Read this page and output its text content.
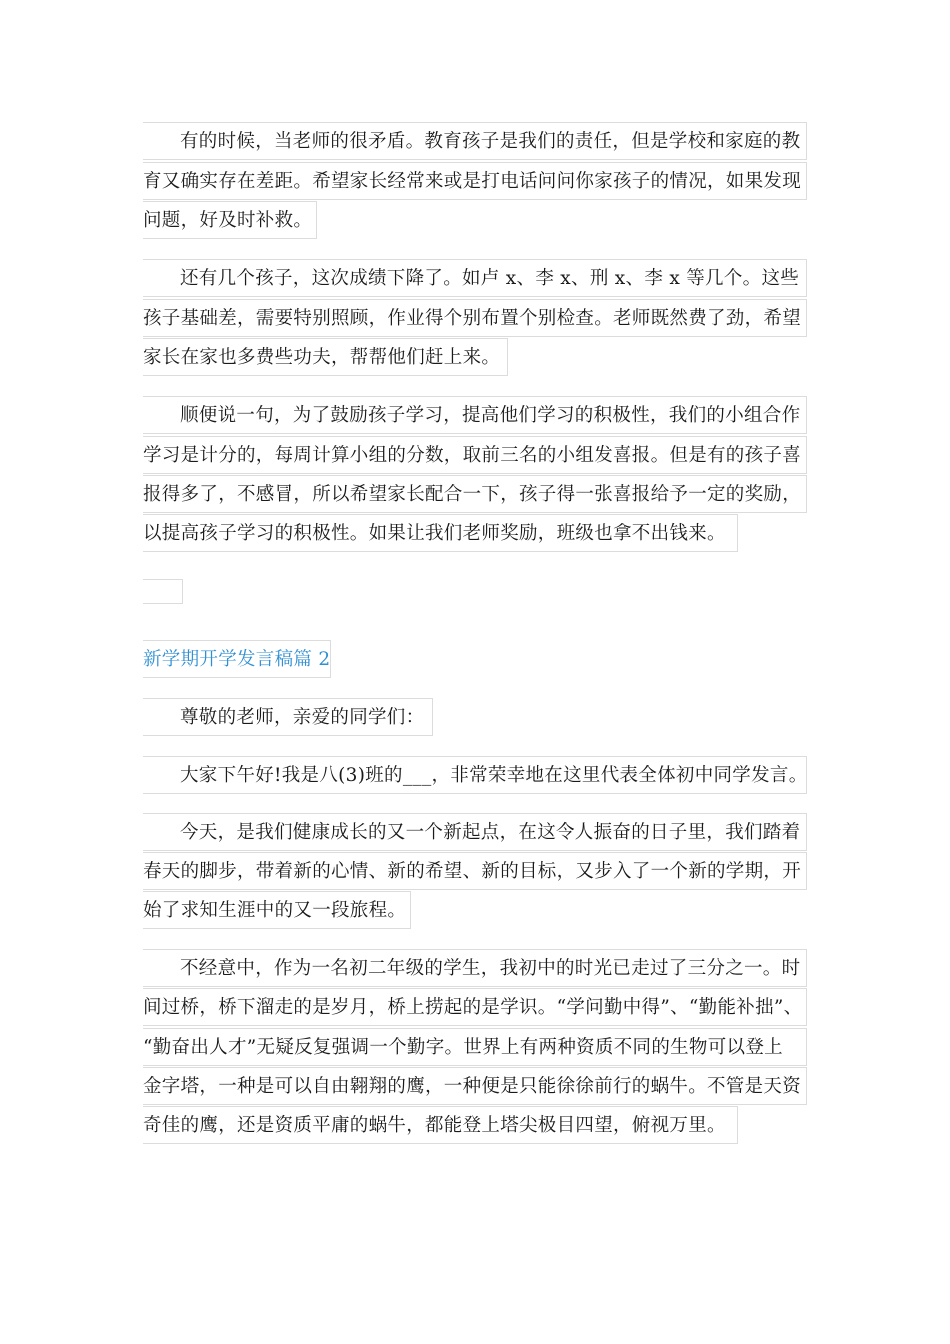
有的时候，当老师的很矛盾。教育孩子是我们的责任，但是学校和家庭的教
育又确实存在差距。希望家长经常来或是打电话问问你家孩子的情况，如果发现
问题，好及时补救。
还有几个孩子，这次成绩下降了。如卢 x、李 x、刑 x、李 x 等几个。这些
孩子基础差，需要特别照顾，作业得个别布置个别检查。老师既然费了劲，希望
家长在家也多费些功夫，帮帮他们赶上来。
顺便说一句，为了鼓励孩子学习，提高他们学习的积极性，我们的小组合作
学习是计分的，每周计算小组的分数，取前三名的小组发喜报。但是有的孩子喜
报得多了，不感冒，所以希望家长配合一下，孩子得一张喜报给予一定的奖励，
以提高孩子学习的积极性。如果让我们老师奖励，班级也拿不出钱来。
新学期开学发言稿篇 2
尊敬的老师，亲爱的同学们：
大家下午好!我是八(3)班的___，非常荣幸地在这里代表全体初中同学发言。
今天，是我们健康成长的又一个新起点，在这令人振奋的日子里，我们踏着
春天的脚步，带着新的心情、新的希望、新的目标，又步入了一个新的学期，开
始了求知生涯中的又一段旅程。
不经意中，作为一名初二年级的学生，我初中的时光已走过了三分之一。时
间过桥，桥下溜走的是岁月，桥上捞起的是学识。“学问勤中得”、“勤能补拙”、
“勤奋出人才”无疑反复强调一个勤字。世界上有两种资质不同的生物可以登上
金字塔，一种是可以自由翱翔的鹰，一种便是只能徐徐前行的蜗牛。不管是天资
奇佳的鹰，还是资质平庸的蜗牛，都能登上塔尖极目四望，俯视万里。
